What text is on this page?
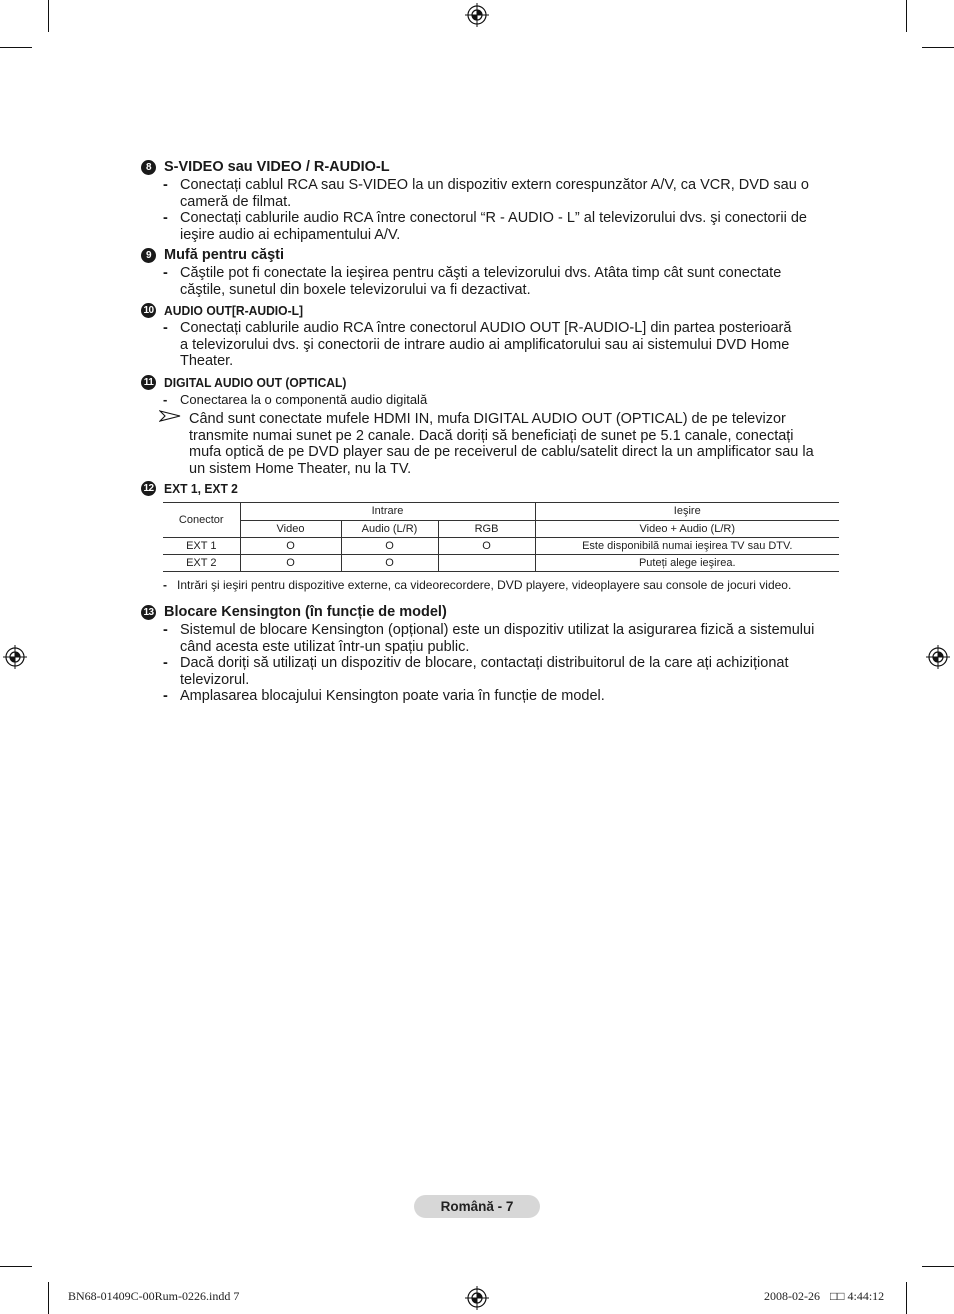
8 S-VIDEO sau VIDEO / R-AUDIO-L
- Conectați cablul RCA sau S-VIDEO la un dispozitiv extern corespunzător A/V, ca VCR, DVD sau o
cameră de filmat.
- Conectați cablurile audio RCA între conectorul “R - AUDIO - L” al televizorului dvs. şi conectorii de
ieşire audio ai echipamentului A/V.
9 Mufă pentru căşti
- Căştile pot fi conectate la ieşirea pentru căşti a televizorului dvs. Atâta timp cât sunt conectate
căştile, sunetul din boxele televizorului va fi dezactivat.
10 AUDIO OUT[R-AUDIO-L]
- Conectați cablurile audio RCA între conectorul AUDIO OUT [R-AUDIO-L] din partea posterioară
a televizorului dvs. şi conectorii de intrare audio ai amplificatorului sau ai sistemului DVD Home
Theater.
11 DIGITAL AUDIO OUT (OPTICAL)
- Conectarea la o componentă audio digitală
Când sunt conectate mufele HDMI IN, mufa DIGITAL AUDIO OUT (OPTICAL) de pe televizor
transmite numai sunet pe 2 canale. Dacă doriți să beneficiați de sunet pe 5.1 canale, conectați
mufa optică de pe DVD player sau de pe receiverul de cablu/satelit direct la un amplificator sau la
un sistem Home Theater, nu la TV.
12 EXT 1, EXT 2
Conector	Intrare			Ieşire
	Video	Audio (L/R)	RGB	Video + Audio (L/R)
EXT 1	O	O	O	Este disponibilă numai ieşirea TV sau DTV.
EXT 2	O	O		Puteți alege ieşirea.
- Intrări şi ieşiri pentru dispozitive externe, ca videorecordere, DVD playere, videoplayere sau console de jocuri video.
13 Blocare Kensington (în funcție de model)
- Sistemul de blocare Kensington (opțional) este un dispozitiv utilizat la asigurarea fizică a sistemului
când acesta este utilizat într-un spațiu public.
- Dacă doriți să utilizați un dispozitiv de blocare, contactați distribuitorul de la care ați achiziționat
televizorul.
- Amplasarea blocajului Kensington poate varia în funcție de model.
Română - 7
BN68-01409C-00Rum-0226.indd 7	2008-02-26 □□ 4:44:12
